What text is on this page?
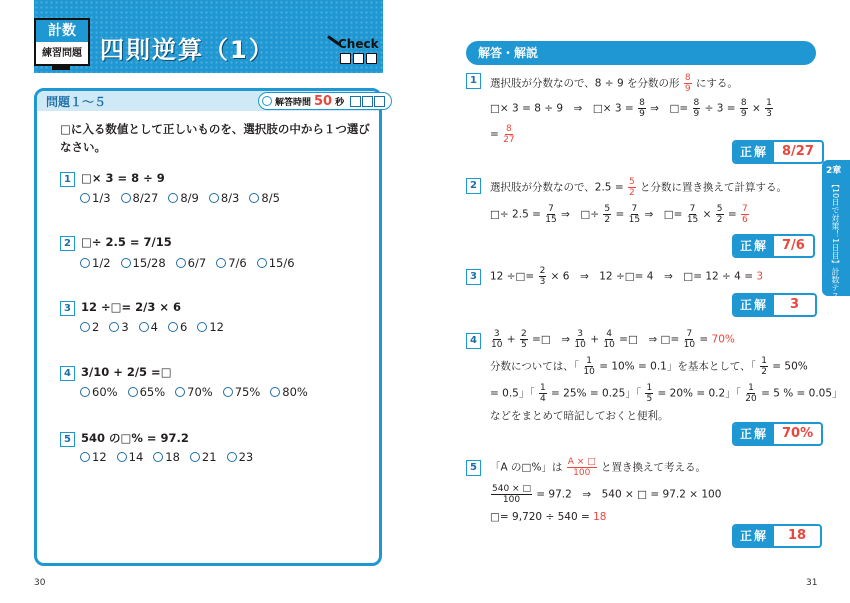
計数
練習問題 四則逆算（1）	Check
問題１～５	解答時間 50 秒
□に入る数値として正しいものを、選択肢の中から１つ選びなさい。
1 □× 3 = 8 ÷ 9
1/3	8/27	8/9	8/3	8/5
2 □÷ 2.5 = 7/15
1/2	15/28	6/7	7/6	15/6
3 12 ÷□= 2/3 × 6
2	3	4	6	12
4 3/10 + 2/5 =□
60%	65%	70%	75%	80%
5 540 の□% = 97.2
12	14	18	21	23
30
解答・解説
1	選択肢が分数なので、8 ÷ 9 を分数の形 $\frac{8}{9}$ にする。
□× 3 = 8 ÷ 9　⇒　□× $3 = \frac{8}{9}$ ⇒　□= $\frac{8}{9} \div 3 = \frac{8}{9} \times \frac{1}{3}$
= $\frac{8}{27}$
正解	8/27
2	選択肢が分数なので、$2.5 = \frac{5}{2}$ と分数に置き換えて計算する。
□÷ $2.5 = \frac{7}{15}$ ⇒　□÷ $\frac{5}{2} = \frac{7}{15}$ ⇒　□= $\frac{7}{15} \times \frac{5}{2} = \frac{7}{6}$
正解	7/6
3	12 ÷□= $\frac{2}{3} \times 6$　⇒　12 ÷□= 4　⇒　□= 12 ÷ 4 = 3
正解	3
4	$\frac{3}{10} + \frac{2}{5}$ =□　⇒ $\frac{3}{10} + \frac{4}{10}$ =□　⇒ □= $\frac{7}{10} = 70\%$
分数については、「 $\frac{1}{10} = 10\% = 0.1$」を基本として、「 $\frac{1}{2} = 50\%$
= 0.5」「 $\frac{1}{4} = 25\% = 0.25$」「 $\frac{1}{5} = 20\% = 0.2$」「 $\frac{1}{20} = 5$ % = 0.05」
などをまとめて暗記しておくと便利。
正解	70%
5	「A の□%」は $\frac{A \times □}{100}$ と置き換えて考える。
$\frac{540 \times □}{100} = 97.2$　⇒　540 × □ = 97.2 × 100
□= 9,720 ÷ 540 = 18
正解	18
31
2章
【10日で対策！1日目】計数テストの解答のコツ
